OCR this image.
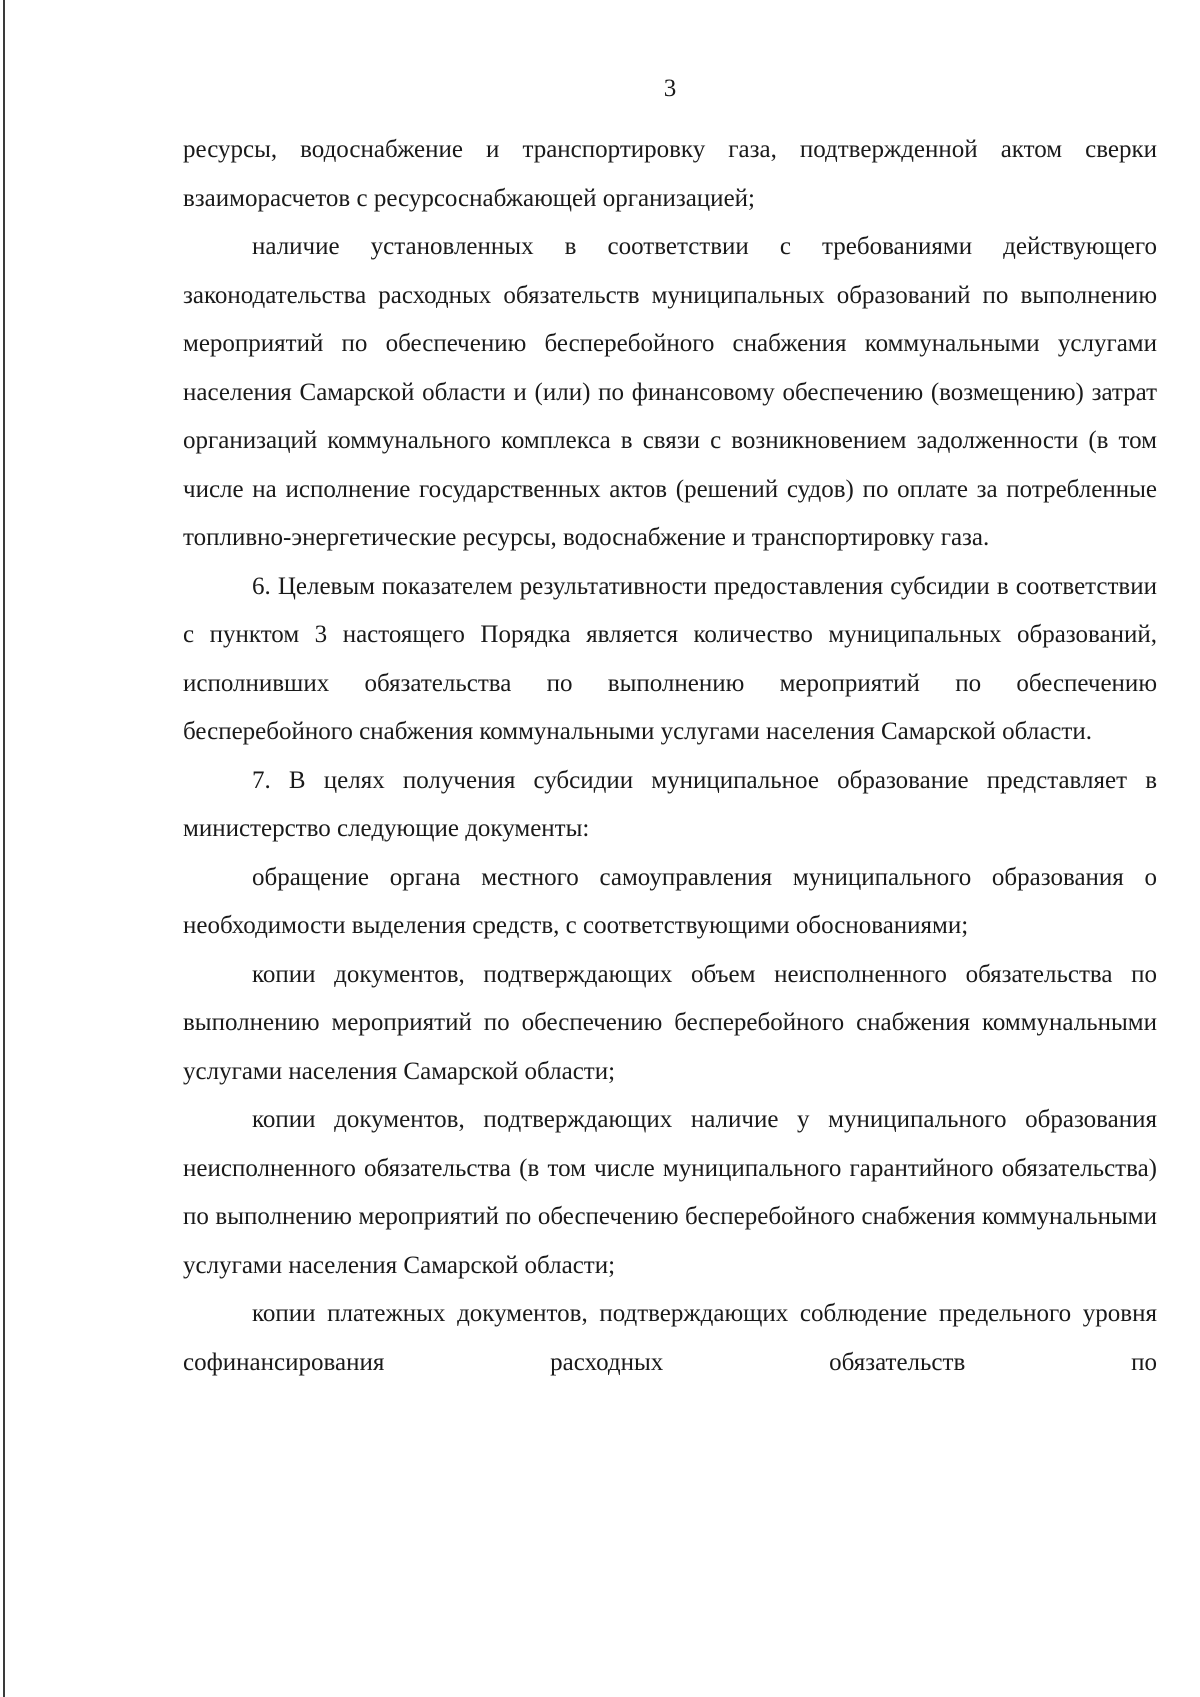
3

ресурсы, водоснабжение и транспортировку газа, подтвержденной актом сверки взаиморасчетов с ресурсоснабжающей организацией;

наличие установленных в соответствии с требованиями действующего законодательства расходных обязательств муниципальных образований по выполнению мероприятий по обеспечению бесперебойного снабжения коммунальными услугами населения Самарской области и (или) по финансовому обеспечению (возмещению) затрат организаций коммунального комплекса в связи с возникновением задолженности (в том числе на исполнение государственных актов (решений судов) по оплате за потребленные топливно-энергетические ресурсы, водоснабжение и транспортировку газа.

6. Целевым показателем результативности предоставления субсидии в соответствии с пунктом 3 настоящего Порядка является количество муниципальных образований, исполнивших обязательства по выполнению мероприятий по обеспечению бесперебойного снабжения коммунальными услугами населения Самарской области.

7. В целях получения субсидии муниципальное образование представляет в министерство следующие документы:

обращение органа местного самоуправления муниципального образования о необходимости выделения средств, с соответствующими обоснованиями;

копии документов, подтверждающих объем неисполненного обязательства по выполнению мероприятий по обеспечению бесперебойного снабжения коммунальными услугами населения Самарской области;

копии документов, подтверждающих наличие у муниципального образования неисполненного обязательства (в том числе муниципального гарантийного обязательства) по выполнению мероприятий по обеспечению бесперебойного снабжения коммунальными услугами населения Самарской области;

копии платежных документов, подтверждающих соблюдение предельного уровня софинансирования расходных обязательств по
